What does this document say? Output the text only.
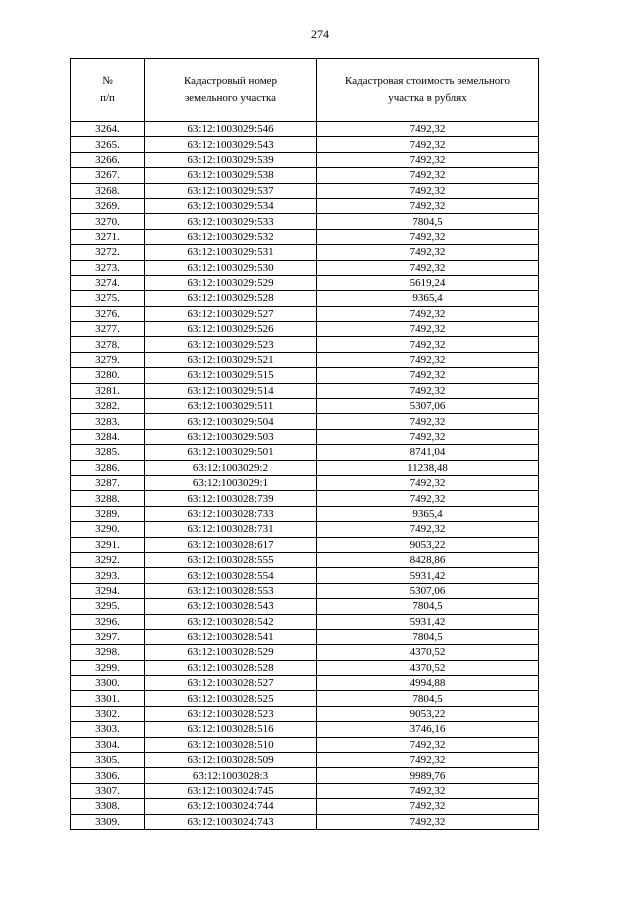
274
№
п/п	Кадастровый номер земельного участка	Кадастровая стоимость земельного участка в рублях
3264.	63:12:1003029:546	7492,32
3265.	63:12:1003029:543	7492,32
3266.	63:12:1003029:539	7492,32
3267.	63:12:1003029:538	7492,32
3268.	63:12:1003029:537	7492,32
3269.	63:12:1003029:534	7492,32
3270.	63:12:1003029:533	7804,5
3271.	63:12:1003029:532	7492,32
3272.	63:12:1003029:531	7492,32
3273.	63:12:1003029:530	7492,32
3274.	63:12:1003029:529	5619,24
3275.	63:12:1003029:528	9365,4
3276.	63:12:1003029:527	7492,32
3277.	63:12:1003029:526	7492,32
3278.	63:12:1003029:523	7492,32
3279.	63:12:1003029:521	7492,32
3280.	63:12:1003029:515	7492,32
3281.	63:12:1003029:514	7492,32
3282.	63:12:1003029:511	5307,06
3283.	63:12:1003029:504	7492,32
3284.	63:12:1003029:503	7492,32
3285.	63:12:1003029:501	8741,04
3286.	63:12:1003029:2	11238,48
3287.	63:12:1003029:1	7492,32
3288.	63:12:1003028:739	7492,32
3289.	63:12:1003028:733	9365,4
3290.	63:12:1003028:731	7492,32
3291.	63:12:1003028:617	9053,22
3292.	63:12:1003028:555	8428,86
3293.	63:12:1003028:554	5931,42
3294.	63:12:1003028:553	5307,06
3295.	63:12:1003028:543	7804,5
3296.	63:12:1003028:542	5931,42
3297.	63:12:1003028:541	7804,5
3298.	63:12:1003028:529	4370,52
3299.	63:12:1003028:528	4370,52
3300.	63:12:1003028:527	4994,88
3301.	63:12:1003028:525	7804,5
3302.	63:12:1003028:523	9053,22
3303.	63:12:1003028:516	3746,16
3304.	63:12:1003028:510	7492,32
3305.	63:12:1003028:509	7492,32
3306.	63:12:1003028:3	9989,76
3307.	63:12:1003024:745	7492,32
3308.	63:12:1003024:744	7492,32
3309.	63:12:1003024:743	7492,32
